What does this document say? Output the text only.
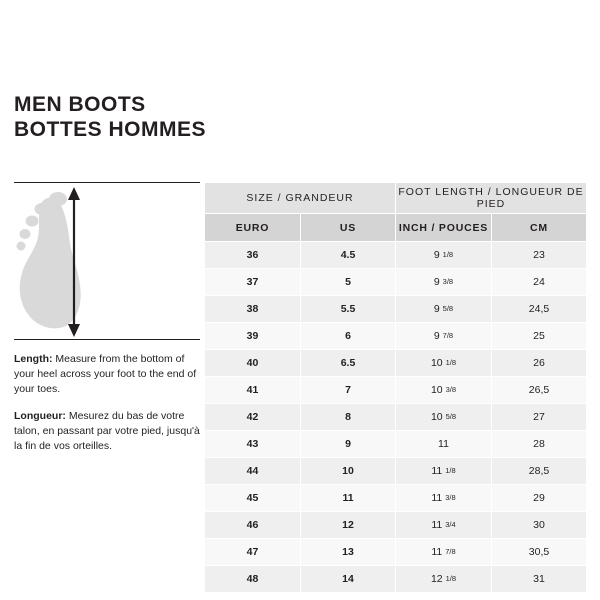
MEN BOOTS
BOTTES HOMMES

Length: Measure from the bottom of your heel across your foot to the end of your toes.

Longueur: Mesurez du bas de votre talon, en passant par votre pied, jusqu'à la fin de vos orteilles.

SIZE / GRANDEUR		FOOT LENGTH / LONGUEUR DE PIED	
EURO	US	INCH / POUCES	CM
36	4.5	9 1/8	23
37	5	9 3/8	24
38	5.5	9 5/8	24,5
39	6	9 7/8	25
40	6.5	10 1/8	26
41	7	10 3/8	26,5
42	8	10 5/8	27
43	9	11	28
44	10	11 1/8	28,5
45	11	11 3/8	29
46	12	11 3/4	30
47	13	11 7/8	30,5
48	14	12 1/8	31
